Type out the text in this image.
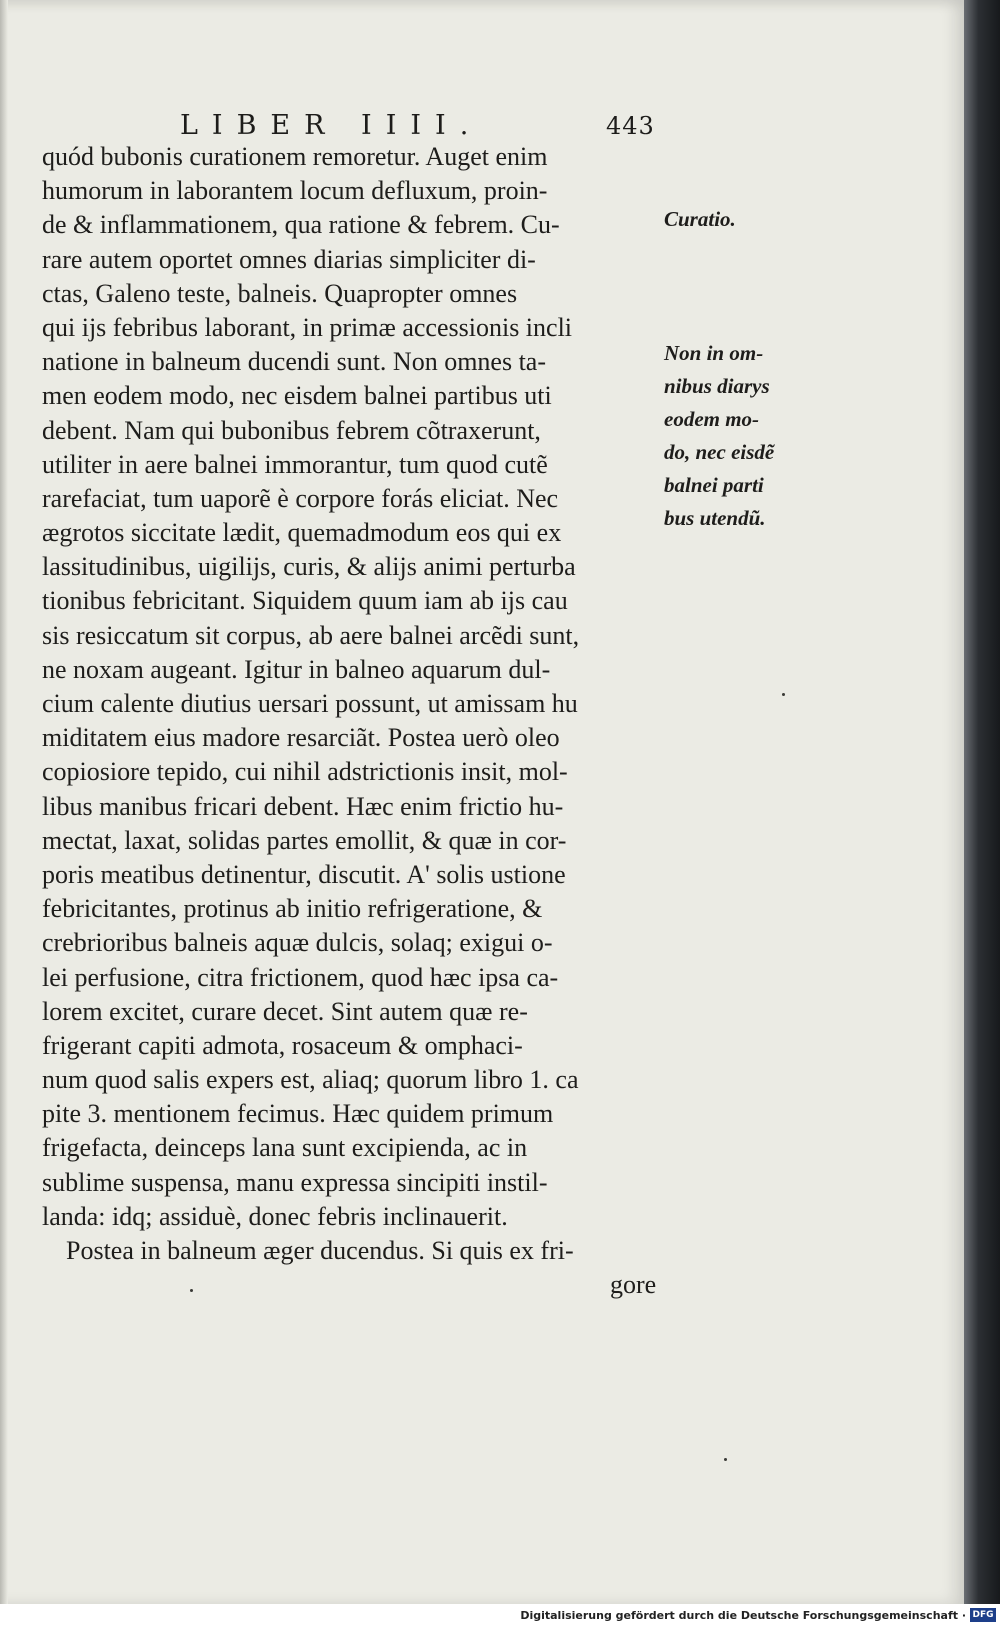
LIBER IIII.	443
quód bubonis curationem remoretur. Auget enim
humorum in laborantem locum defluxum, proin-
de & inflammationem, qua ratione & febrem. Cu-
rare autem oportet omnes diarias simpliciter di-
ctas, Galeno teste, balneis. Quapropter omnes
qui ijs febribus laborant, in primæ accessionis incli
natione in balneum ducendi sunt. Non omnes ta-
men eodem modo, nec eisdem balnei partibus uti
debent. Nam qui bubonibus febrem cõtraxerunt,
utiliter in aere balnei immorantur, tum quod cutẽ
rarefaciat, tum uaporẽ è corpore forás eliciat. Nec
ægrotos siccitate lædit, quemadmodum eos qui ex
lassitudinibus, uigilijs, curis, & alijs animi perturba
tionibus febricitant. Siquidem quum iam ab ijs cau
sis resiccatum sit corpus, ab aere balnei arcẽdi sunt,
ne noxam augeant. Igitur in balneo aquarum dul-
cium calente diutius uersari possunt, ut amissam hu
miditatem eius madore resarciãt. Postea uerò oleo
copiosiore tepido, cui nihil adstrictionis insit, mol-
libus manibus fricari debent. Hæc enim frictio hu-
mectat, laxat, solidas partes emollit, & quæ in cor-
poris meatibus detinentur, discutit. A' solis ustione
febricitantes, protinus ab initio refrigeratione, &
crebrioribus balneis aquæ dulcis, solaq; exigui o-
lei perfusione, citra frictionem, quod hæc ipsa ca-
lorem excitet, curare decet. Sint autem quæ re-
frigerant capiti admota, rosaceum & omphaci-
num quod salis expers est, aliaq; quorum libro 1. ca
pite 3. mentionem fecimus. Hæc quidem primum
frigefacta, deinceps lana sunt excipienda, ac in
sublime suspensa, manu expressa sincipiti instil-
landa: idq; assiduè, donec febris inclinauerit.
Postea in balneum æger ducendus. Si quis ex fri-
gore
Curatio.
Non in om-
nibus diarys
eodem mo-
do, nec eisdẽ
balnei parti
bus utendũ.
Digitalisierung gefördert durch die Deutsche Forschungsgemeinschaft · DFG
